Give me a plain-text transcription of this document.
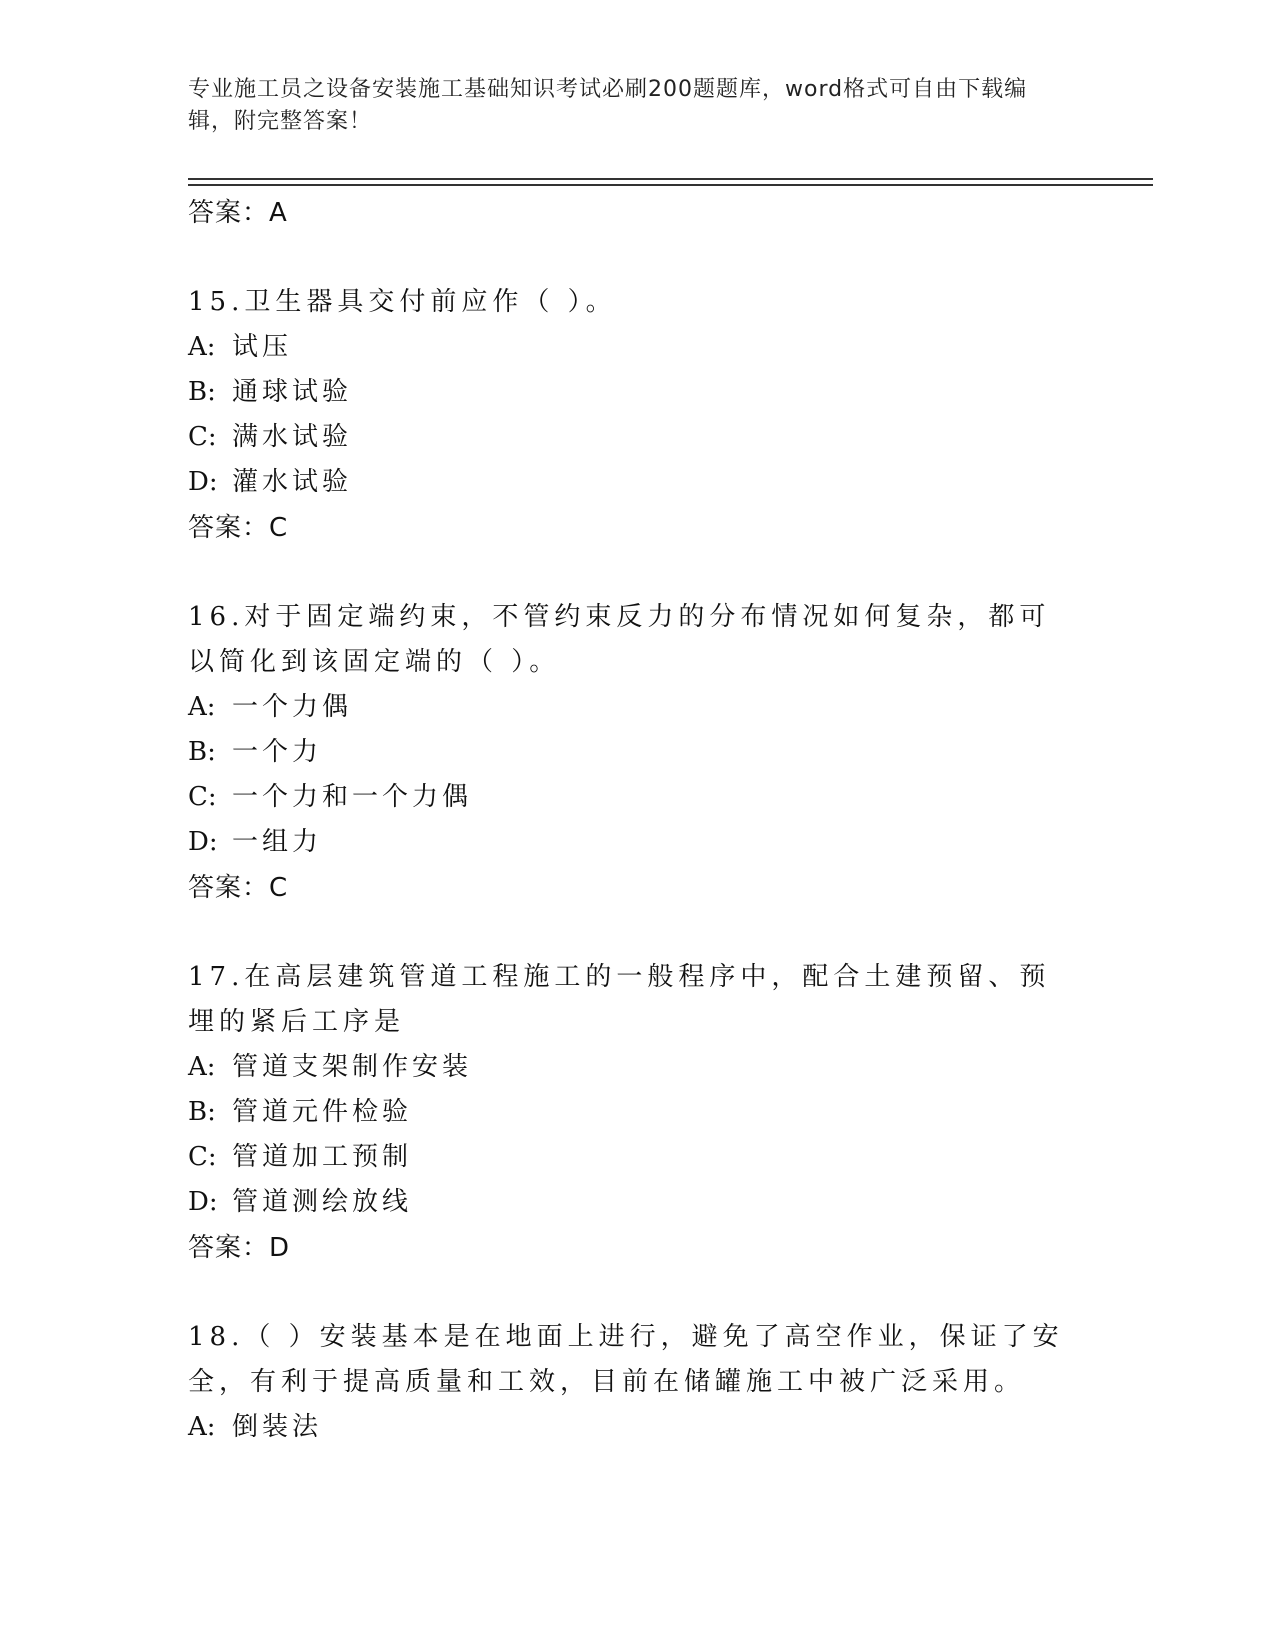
专业施工员之设备安装施工基础知识考试必刷200题题库，word格式可自由下载编辑，附完整答案！
答案：A
15.卫生器具交付前应作（ ）。
A: 试压
B: 通球试验
C: 满水试验
D: 灌水试验
答案：C
16.对于固定端约束，不管约束反力的分布情况如何复杂，都可以简化到该固定端的（ ）。
A: 一个力偶
B: 一个力
C: 一个力和一个力偶
D: 一组力
答案：C
17.在高层建筑管道工程施工的一般程序中，配合土建预留、预埋的紧后工序是
A: 管道支架制作安装
B: 管道元件检验
C: 管道加工预制
D: 管道测绘放线
答案：D
18.（ ）安装基本是在地面上进行，避免了高空作业，保证了安全，有利于提高质量和工效，目前在储罐施工中被广泛采用。
A: 倒装法
